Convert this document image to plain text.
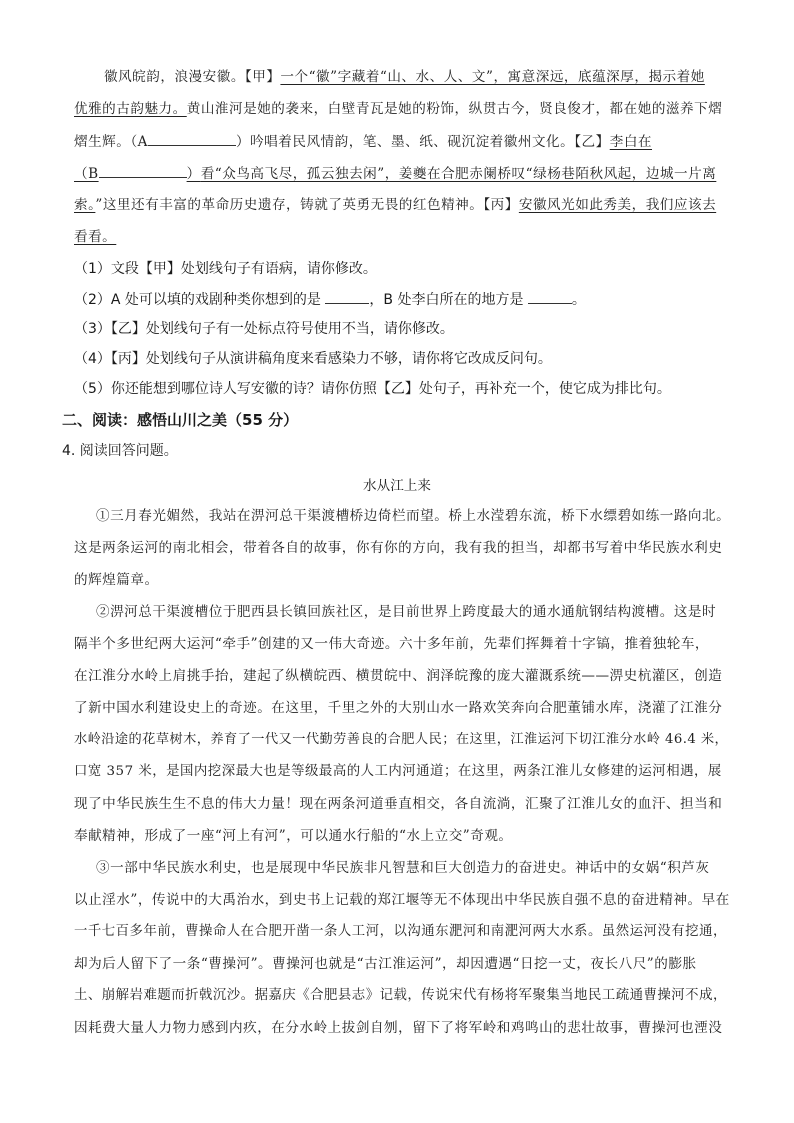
徽风皖韵，浪漫安徽。【甲】一个“徽”字藏着“山、水、人、文”，寓意深远，底蕴深厚，揭示着她
优雅的古韵魅力。黄山淮河是她的袭来，白壁青瓦是她的粉饰，纵贯古今，贤良俊才，都在她的滋养下熠
熠生辉。（A	）吟唱着民风情韵，笔、墨、纸、砚沉淀着徽州文化。【乙】李白在
（B	）看“众鸟高飞尽，孤云独去闲”，姜夔在合肥赤阑桥叹“绿杨巷陌秋风起，边城一片离
索。”这里还有丰富的革命历史遗存，铸就了英勇无畏的红色精神。【丙】安徽风光如此秀美，我们应该去
看看。
（1）文段【甲】处划线句子有语病，请你修改。
（2）A 处可以填的戏剧种类你想到的是	，B 处李白所在的地方是	。
（3）【乙】处划线句子有一处标点符号使用不当，请你修改。
（4）【丙】处划线句子从演讲稿角度来看感染力不够，请你将它改成反问句。
（5）你还能想到哪位诗人写安徽的诗？请你仿照【乙】处句子，再补充一个，使它成为排比句。
二、阅读：感悟山川之美（55 分）
4. 阅读回答问题。
水从江上来
①三月春光媚然，我站在淠河总干渠渡槽桥边倚栏而望。桥上水滢碧东流，桥下水缥碧如练一路向北。
这是两条运河的南北相会，带着各自的故事，你有你的方向，我有我的担当，却都书写着中华民族水利史
的辉煌篇章。
②淠河总干渠渡槽位于肥西县长镇回族社区，是目前世界上跨度最大的通水通航钢结构渡槽。这是时
隔半个多世纪两大运河“牵手”创建的又一伟大奇迹。六十多年前，先辈们挥舞着十字镐，推着独轮车，
在江淮分水岭上肩挑手抬，建起了纵横皖西、横贯皖中、润泽皖豫的庞大灌溉系统——淠史杭灌区，创造
了新中国水利建设史上的奇迹。在这里，千里之外的大别山水一路欢笑奔向合肥董铺水库，浇灌了江淮分
水岭沿途的花草树木，养育了一代又一代勤劳善良的合肥人民；在这里，江淮运河下切江淮分水岭 46.4 米，
口宽 357 米，是国内挖深最大也是等级最高的人工内河通道；在这里，两条江淮儿女修建的运河相遇，展
现了中华民族生生不息的伟大力量！现在两条河道垂直相交，各自流淌，汇聚了江淮儿女的血汗、担当和
奉献精神，形成了一座“河上有河”，可以通水行船的“水上立交”奇观。
③一部中华民族水利史，也是展现中华民族非凡智慧和巨大创造力的奋进史。神话中的女娲“积芦灰
以止淫水”，传说中的大禹治水，到史书上记载的郑江堰等无不体现出中华民族自强不息的奋进精神。早在
一千七百多年前，曹操命人在合肥开凿一条人工河，以沟通东淝河和南淝河两大水系。虽然运河没有挖通，
却为后人留下了一条“曹操河”。曹操河也就是“古江淮运河”，却因遭遇“日挖一丈，夜长八尺”的膨胀
土、崩解岩难题而折戟沉沙。据嘉庆《合肥县志》记载，传说宋代有杨将军聚集当地民工疏通曹操河不成，
因耗费大量人力物力感到内疚，在分水岭上拔剑自刎，留下了将军岭和鸡鸣山的悲壮故事，曹操河也湮没
